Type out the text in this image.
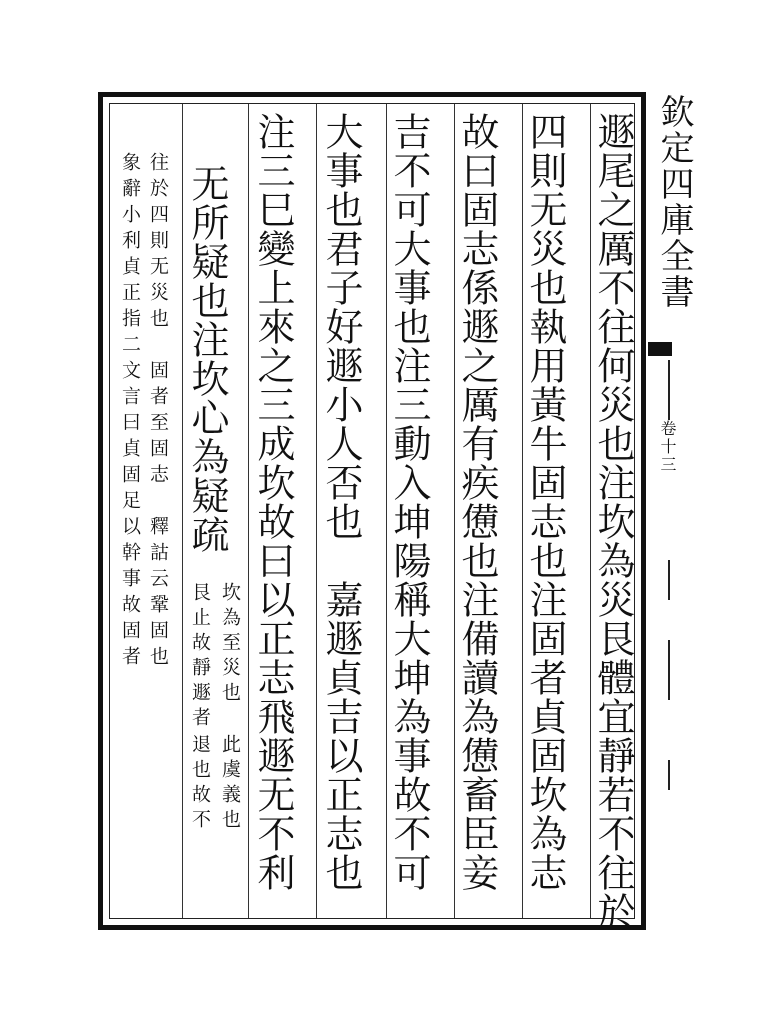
遯尾之厲不往何災也注坎為災艮體宜靜若不往於
四則无災也執用黃牛固志也注固者貞固坎為志
故曰固志係遯之厲有疾憊也注備讀為憊畜臣妾
吉不可大事也注三動入坤陽稱大坤為事故不可
大事也君子好遯小人否也　嘉遯貞吉以正志也
注三巳變上來之三成坎故曰以正志飛遯无不利
无所疑也注坎心為疑疏
坎為至災也
艮止故靜遯者
此虞義也
退也故不
往於四則无災也　固者至固志　釋詁云鞏固也
象辭小利貞正指二文言曰貞固足以幹事故固者	欽定四庫全書
卷十三
